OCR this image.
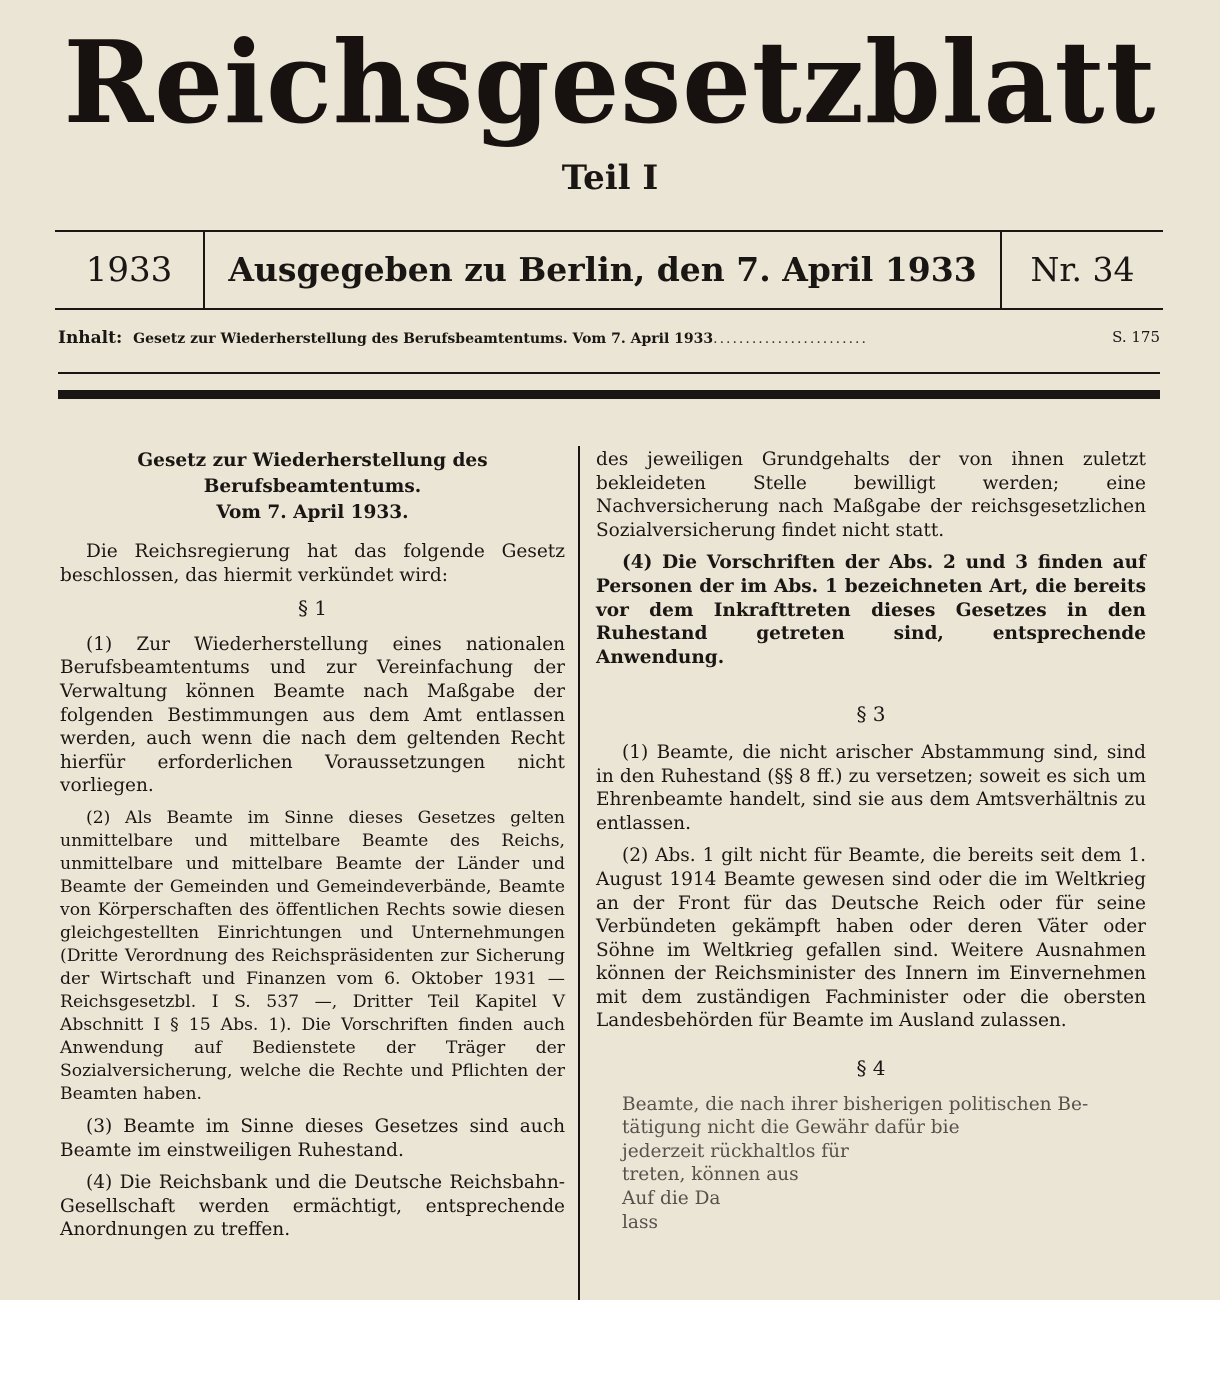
Reichsgesetzblatt
Teil I
1933	Ausgegeben zu Berlin, den 7. April 1933	Nr. 34
Inhalt: Gesetz zur Wiederherstellung des Berufsbeamtentums. Vom 7. April 1933........................	S. 175

Gesetz zur Wiederherstellung des Berufsbeamtentums.

Vom 7. April 1933.

Die Reichsregierung hat das folgende Gesetz beschlossen, das hiermit verkündet wird:

§ 1

(1) Zur Wiederherstellung eines nationalen Berufsbeamtentums und zur Vereinfachung der Verwaltung können Beamte nach Maßgabe der folgenden Bestimmungen aus dem Amt entlassen werden, auch wenn die nach dem geltenden Recht hierfür erforderlichen Voraussetzungen nicht vorliegen.

(2) Als Beamte im Sinne dieses Gesetzes gelten unmittelbare und mittelbare Beamte des Reichs, unmittelbare und mittelbare Beamte der Länder und Beamte der Gemeinden und Gemeindeverbände, Beamte von Körperschaften des öffentlichen Rechts sowie diesen gleichgestellten Einrichtungen und Unternehmungen (Dritte Verordnung des Reichspräsidenten zur Sicherung der Wirtschaft und Finanzen vom 6. Oktober 1931 — Reichsgesetzbl. I S. 537 —, Dritter Teil Kapitel V Abschnitt I § 15 Abs. 1). Die Vorschriften finden auch Anwendung auf Bedienstete der Träger der Sozialversicherung, welche die Rechte und Pflichten der Beamten haben.

(3) Beamte im Sinne dieses Gesetzes sind auch Beamte im einstweiligen Ruhestand.

(4) Die Reichsbank und die Deutsche Reichsbahn-Gesellschaft werden ermächtigt, entsprechende Anordnungen zu treffen.

des jeweiligen Grundgehalts der von ihnen zuletzt bekleideten Stelle bewilligt werden; eine Nachversicherung nach Maßgabe der reichsgesetzlichen Sozialversicherung findet nicht statt.

(4) Die Vorschriften der Abs. 2 und 3 finden auf Personen der im Abs. 1 bezeichneten Art, die bereits vor dem Inkrafttreten dieses Gesetzes in den Ruhestand getreten sind, entsprechende Anwendung.

§ 3

(1) Beamte, die nicht arischer Abstammung sind, sind in den Ruhestand (§§ 8 ff.) zu versetzen; soweit es sich um Ehrenbeamte handelt, sind sie aus dem Amtsverhältnis zu entlassen.

(2) Abs. 1 gilt nicht für Beamte, die bereits seit dem 1. August 1914 Beamte gewesen sind oder die im Weltkrieg an der Front für das Deutsche Reich oder für seine Verbündeten gekämpft haben oder deren Väter oder Söhne im Weltkrieg gefallen sind. Weitere Ausnahmen können der Reichsminister des Innern im Einvernehmen mit dem zuständigen Fachminister oder die obersten Landesbehörden für Beamte im Ausland zulassen.

§ 4

Beamte, die nach ihrer bisherigen politischen Be-

tätigung nicht die Gewähr dafür bie

jederzeit rückhaltlos für

treten, können aus

Auf die Da

lass
